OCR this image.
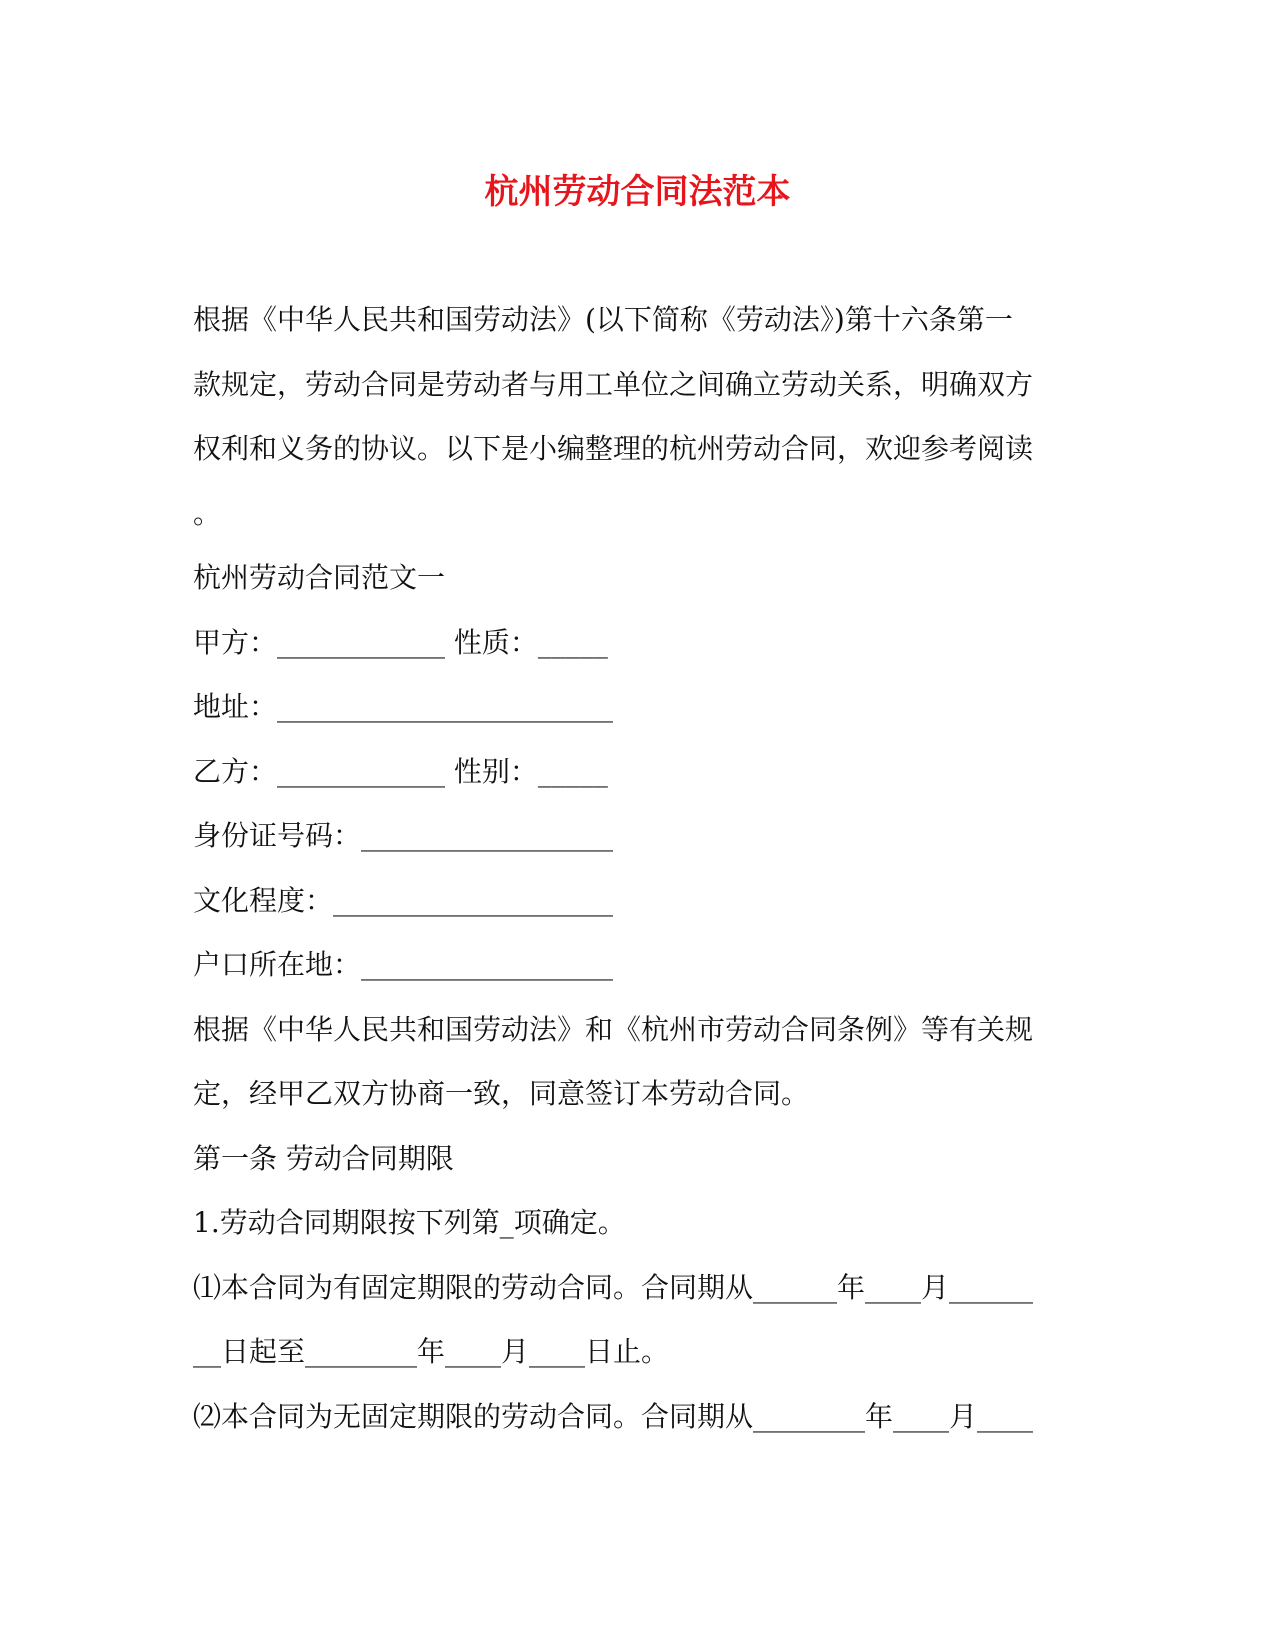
杭州劳动合同法范本
根据《中华人民共和国劳动法》(以下简称《劳动法》)第十六条第一
款规定，劳动合同是劳动者与用工单位之间确立劳动关系，明确双方
权利和义务的协议。以下是小编整理的杭州劳动合同，欢迎参考阅读
。
杭州劳动合同范文一
甲方：____________ 性质：_____
地址：________________________
乙方：____________ 性别：_____
身份证号码：__________________
文化程度：____________________
户口所在地：__________________
根据《中华人民共和国劳动法》和《杭州市劳动合同条例》等有关规
定，经甲乙双方协商一致，同意签订本劳动合同。
第一条 劳动合同期限
1.劳动合同期限按下列第_项确定。
⑴本合同为有固定期限的劳动合同。合同期从______年____月______
__日起至________年____月____日止。
⑵本合同为无固定期限的劳动合同。合同期从________年____月____
